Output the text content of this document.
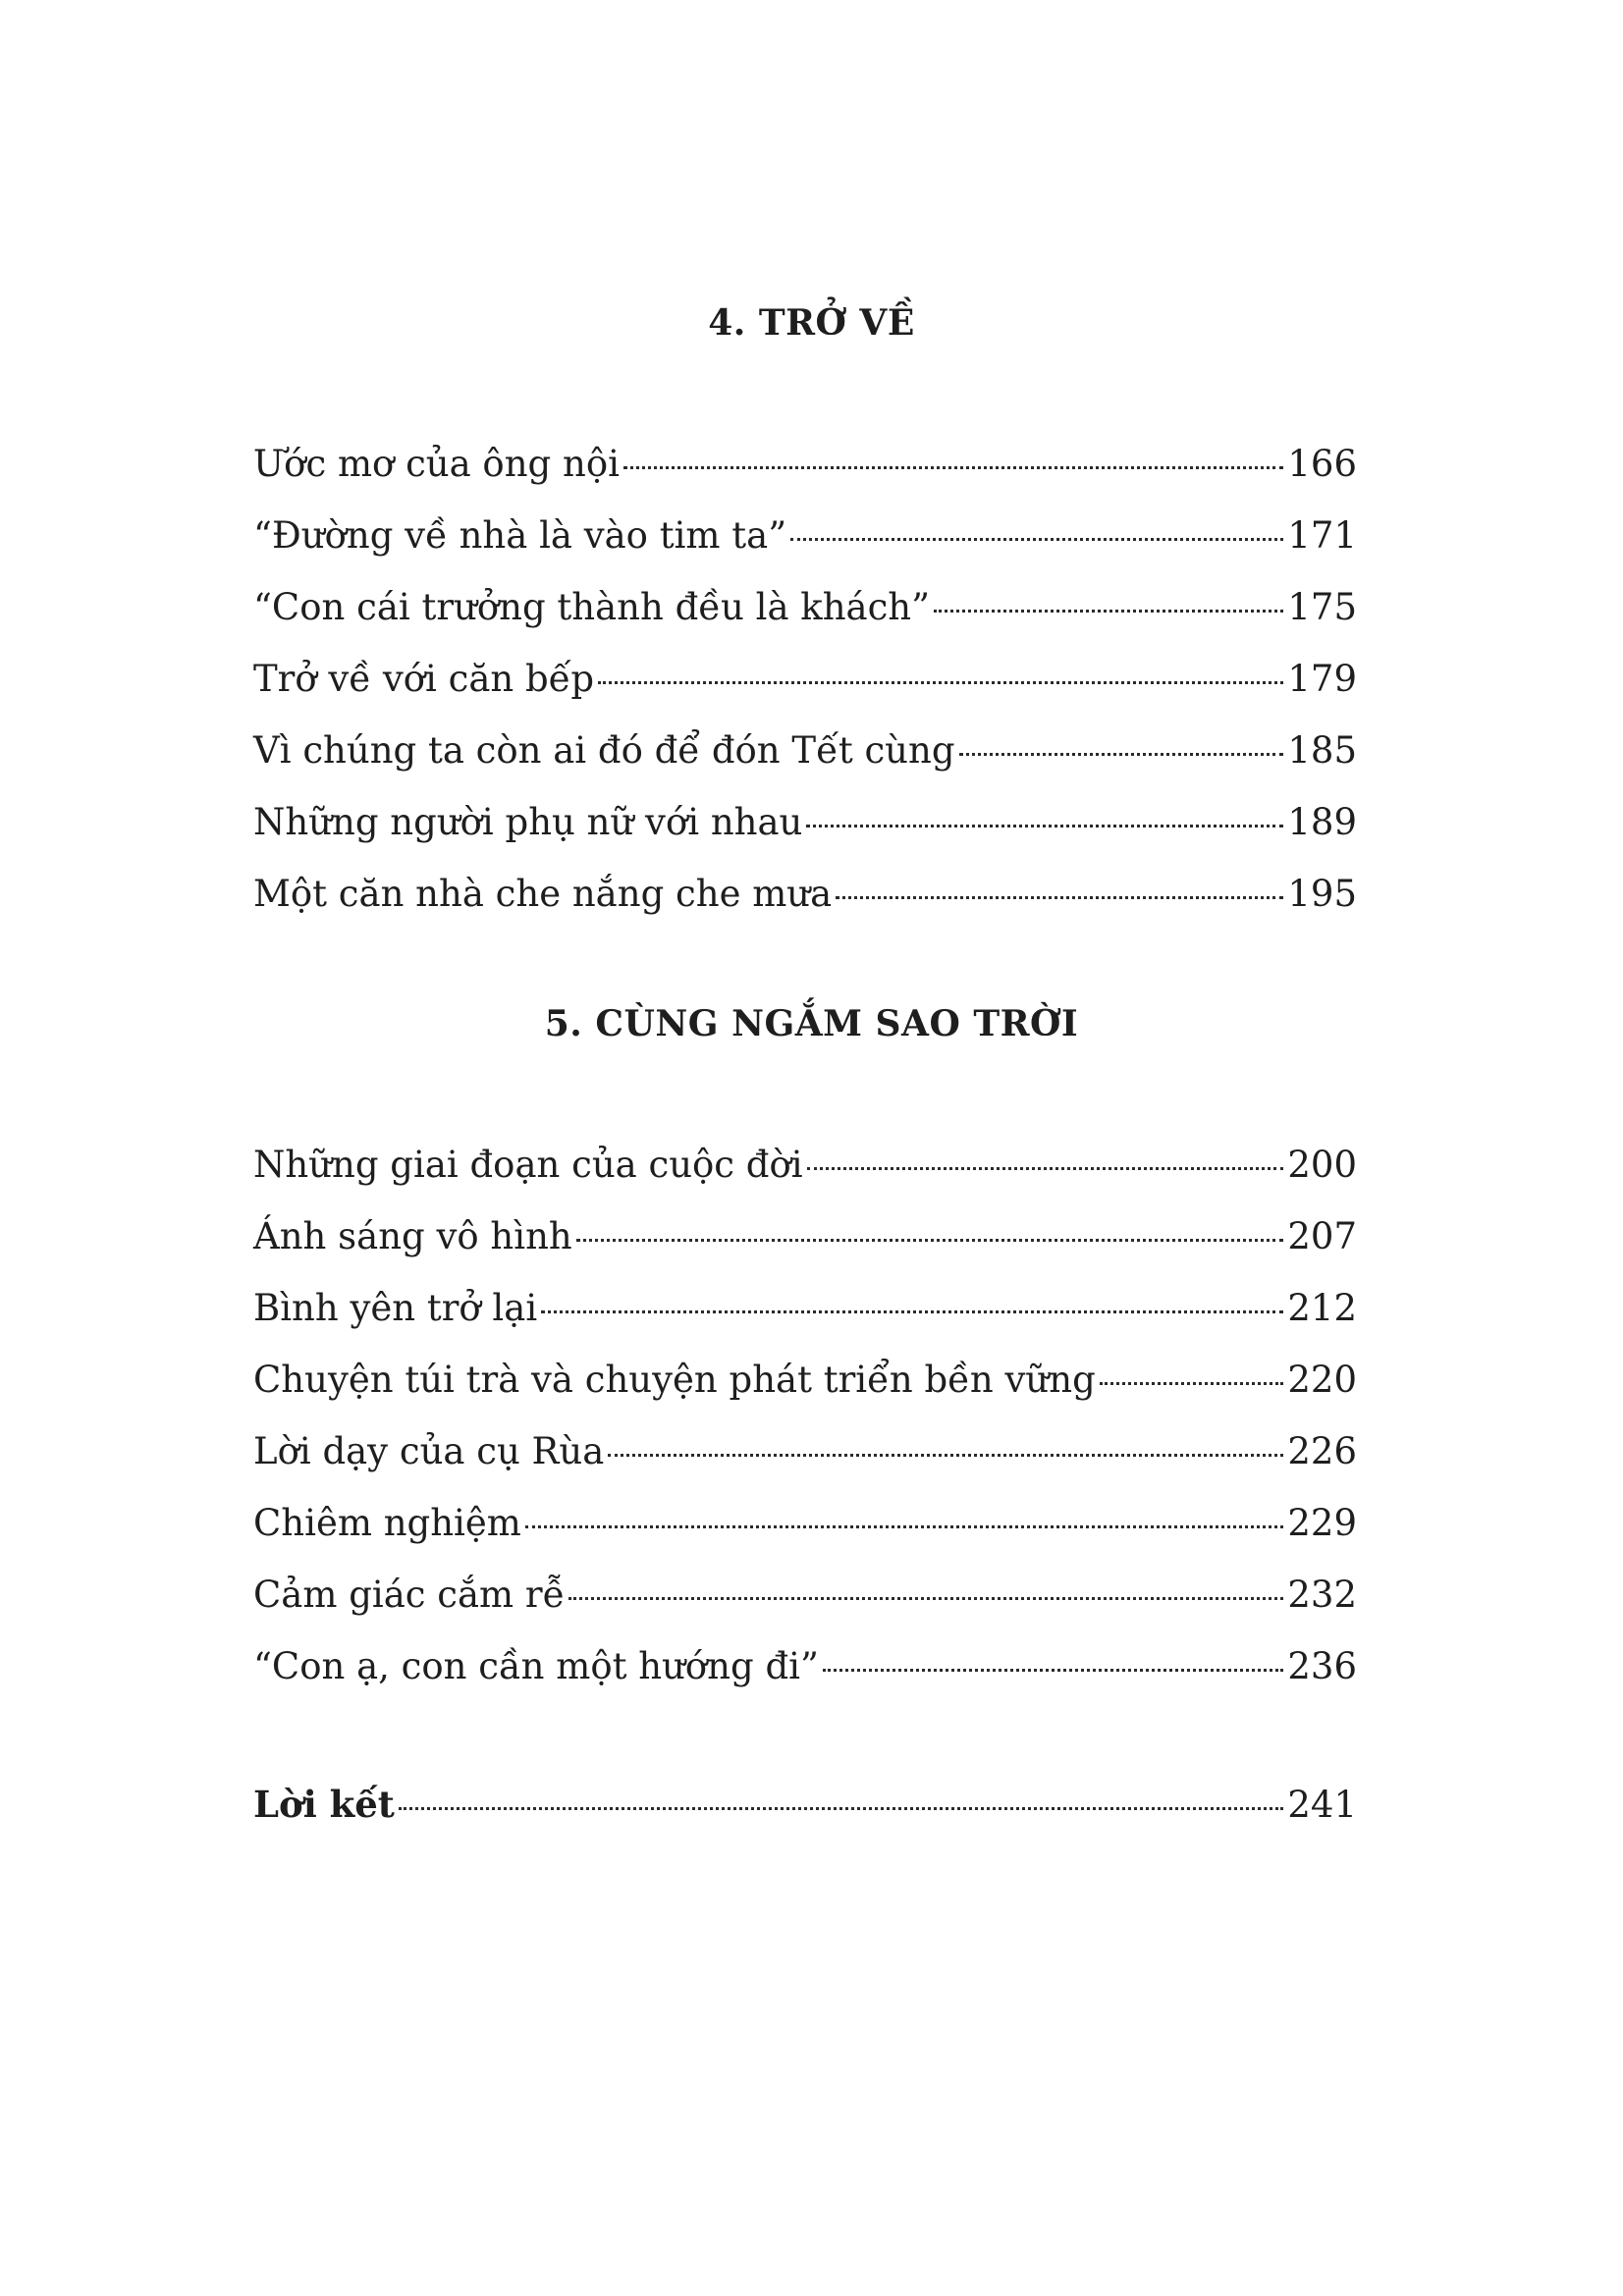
4. TRỞ VỀ
Ước mơ của ông nội	166
“Đường về nhà là vào tim ta”	171
“Con cái trưởng thành đều là khách”	175
Trở về với căn bếp	179
Vì chúng ta còn ai đó để đón Tết cùng	185
Những người phụ nữ với nhau	189
Một căn nhà che nắng che mưa	195
5. CÙNG NGẮM SAO TRỜI
Những giai đoạn của cuộc đời	200
Ánh sáng vô hình	207
Bình yên trở lại	212
Chuyện túi trà và chuyện phát triển bền vững	220
Lời dạy của cụ Rùa	226
Chiêm nghiệm	229
Cảm giác cắm rễ	232
“Con ạ, con cần một hướng đi”	236
Lời kết	241
